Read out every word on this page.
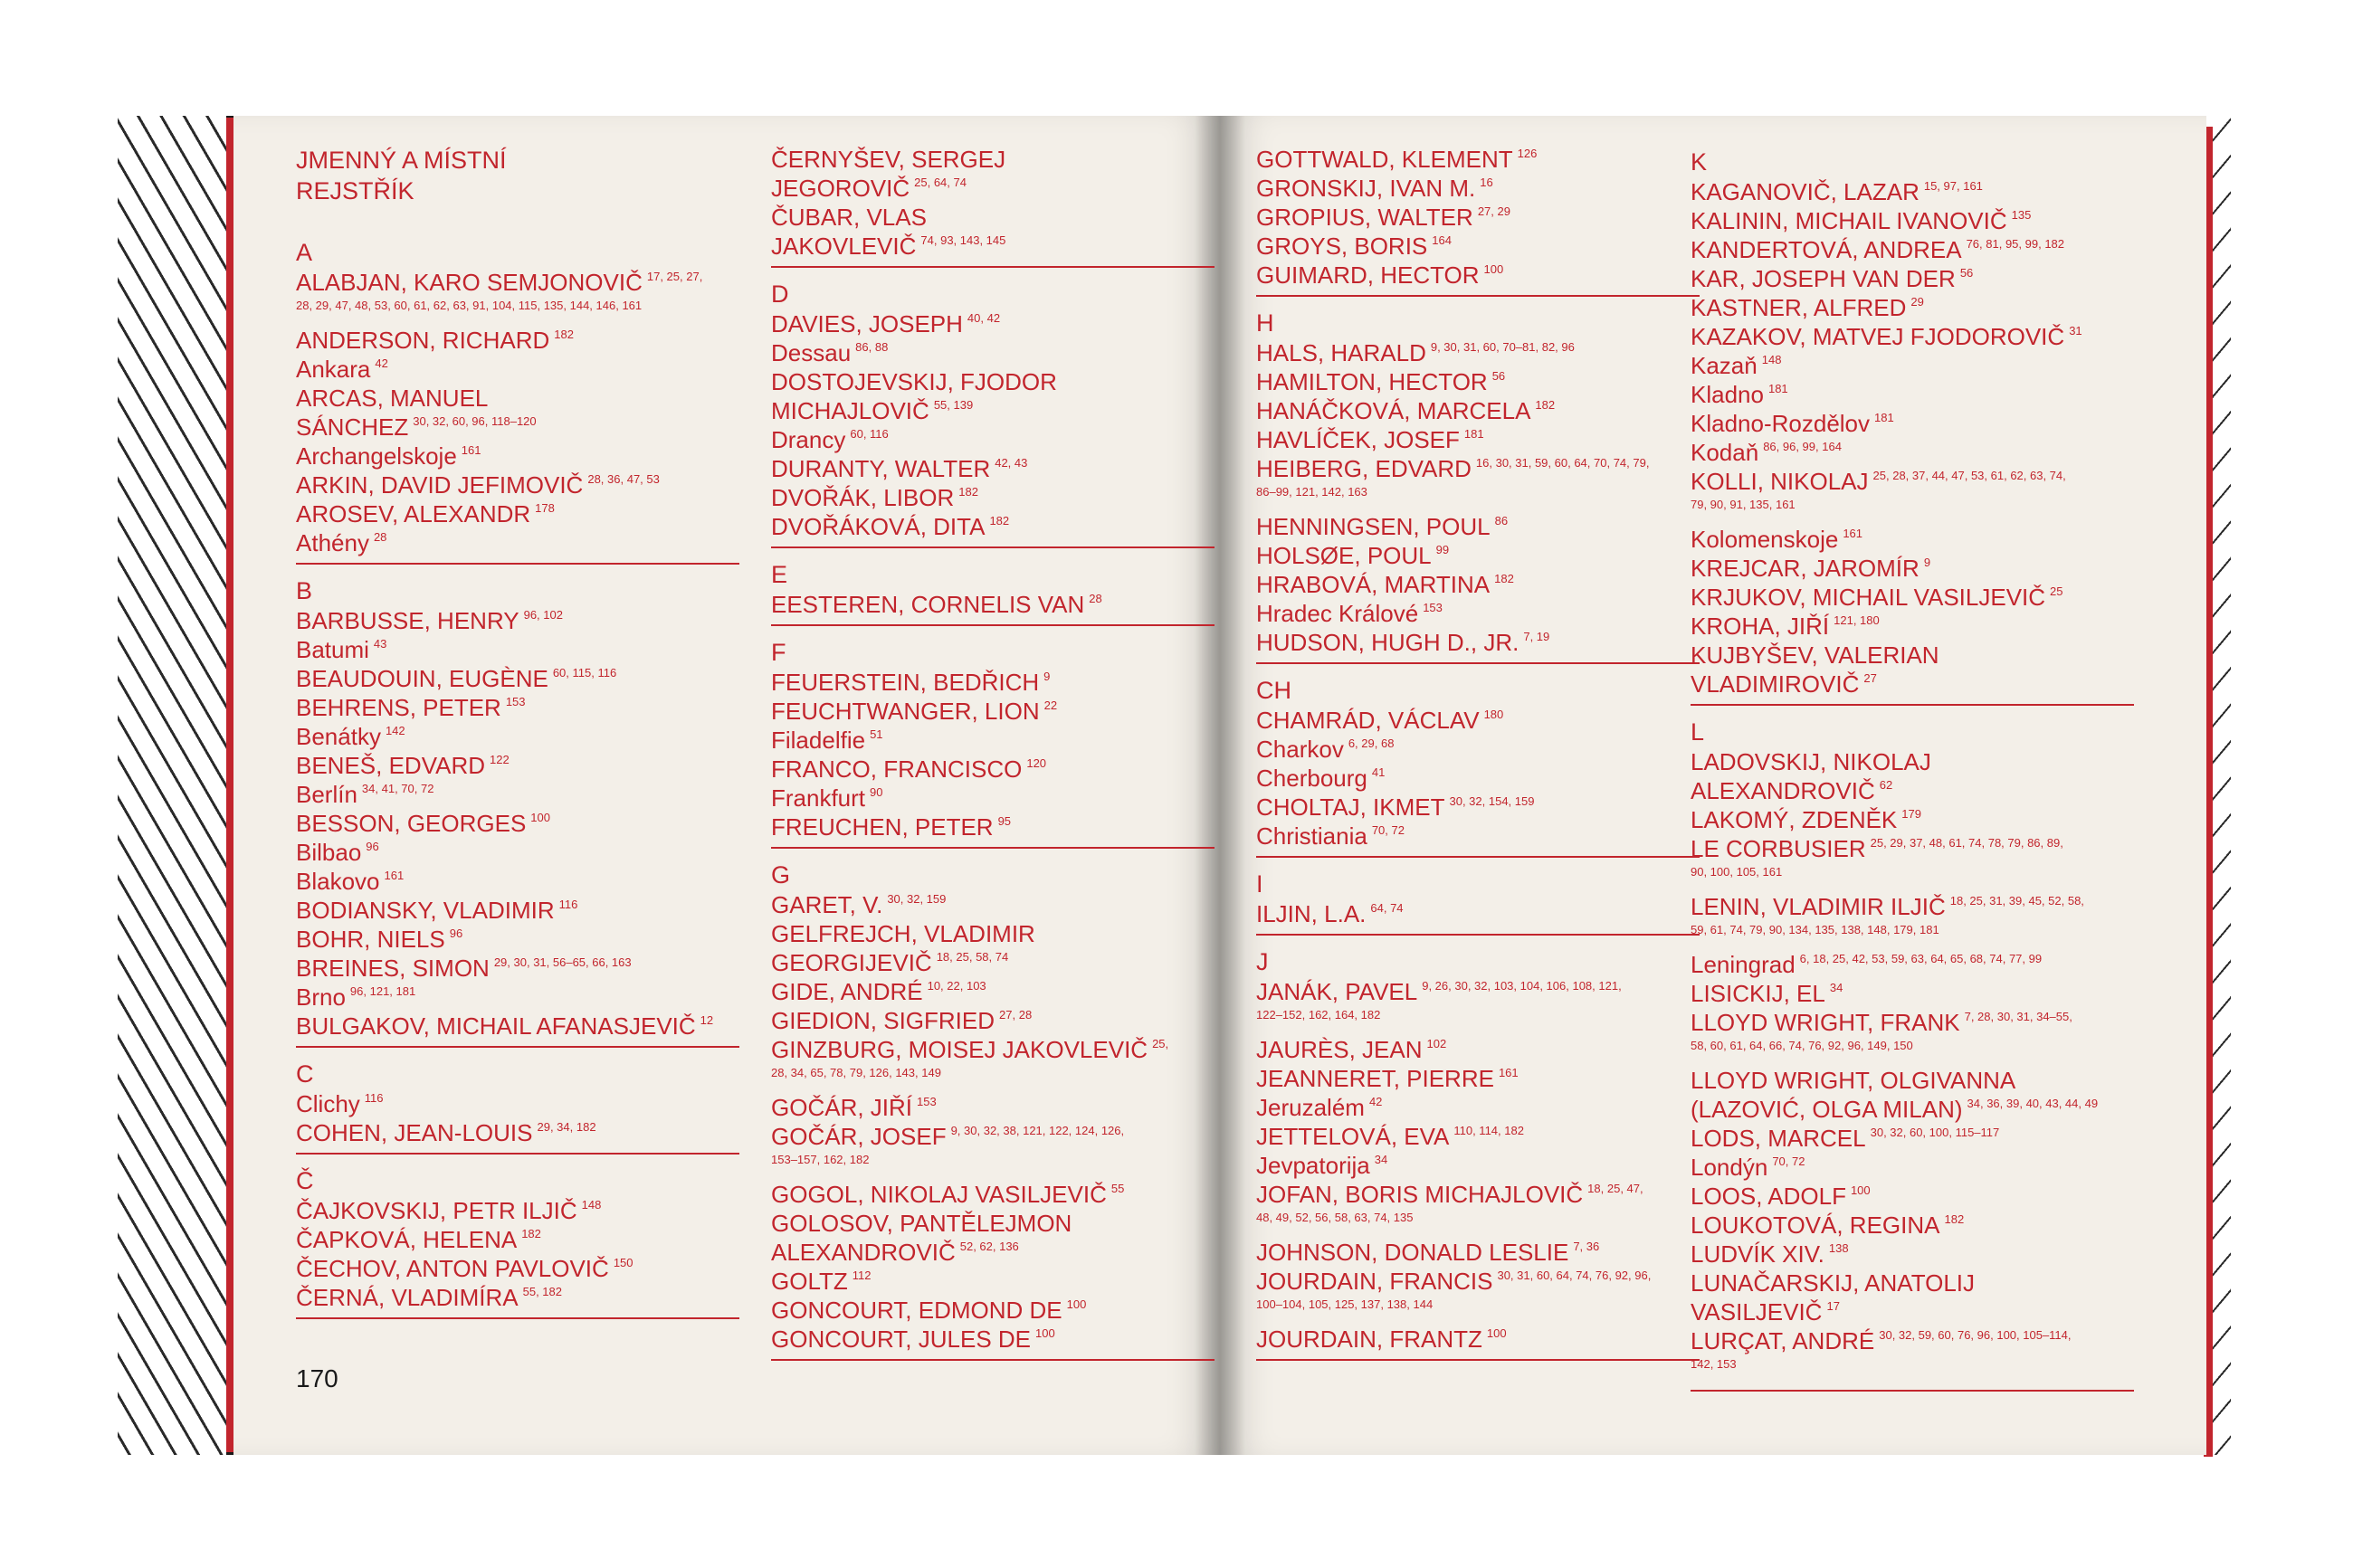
JMENNÝ A MÍSTNÍ
REJSTŘÍK
A
ALABJAN, KARO SEMJONOVIČ $^{17, 25, 27,}$
$^{28, 29, 47, 48, 53, 60, 61, 62, 63, 91, 104, 115, 135, 144, 146, 161}$
ANDERSON, RICHARD $^{182}$
Ankara $^{42}$
ARCAS, MANUEL
SÁNCHEZ $^{30, 32, 60, 96, 118-120}$
Archangelskoje $^{161}$
ARKIN, DAVID JEFIMOVIČ $^{28, 36, 47, 53}$
AROSEV, ALEXANDR $^{178}$
Athény $^{28}$
B
BARBUSSE, HENRY $^{96, 102}$
Batumi $^{43}$
BEAUDOUIN, EUGÈNE $^{60, 115, 116}$
BEHRENS, PETER $^{153}$
Benátky $^{142}$
BENEŠ, EDVARD $^{122}$
Berlín $^{34, 41, 70, 72}$
BESSON, GEORGES $^{100}$
Bilbao $^{96}$
Blakovo $^{161}$
BODIANSKY, VLADIMIR $^{116}$
BOHR, NIELS $^{96}$
BREINES, SIMON $^{29, 30, 31, 56-65, 66, 163}$
Brno $^{96, 121, 181}$
BULGAKOV, MICHAIL AFANASJEVIČ $^{12}$
C
Clichy $^{116}$
COHEN, JEAN-LOUIS $^{29, 34, 182}$
Č
ČAJKOVSKIJ, PETR ILJIČ $^{148}$
ČAPKOVÁ, HELENA $^{182}$
ČECHOV, ANTON PAVLOVIČ $^{150}$
ČERNÁ, VLADIMÍRA $^{55, 182}$
ČERNYŠEV, SERGEJ
JEGOROVIČ $^{25, 64, 74}$
ČUBAR, VLAS
JAKOVLEVIČ $^{74, 93, 143, 145}$
D
DAVIES, JOSEPH $^{40, 42}$
Dessau $^{86, 88}$
DOSTOJEVSKIJ, FJODOR
MICHAJLOVIČ $^{55, 139}$
Drancy $^{60, 116}$
DURANTY, WALTER $^{42, 43}$
DVOŘÁK, LIBOR $^{182}$
DVOŘÁKOVÁ, DITA $^{182}$
E
EESTEREN, CORNELIS VAN $^{28}$
F
FEUERSTEIN, BEDŘICH $^9$
FEUCHTWANGER, LION $^{22}$
Filadelfie $^{51}$
FRANCO, FRANCISCO $^{120}$
Frankfurt $^{90}$
FREUCHEN, PETER $^{95}$
G
GARET, V. $^{30, 32, 159}$
GELFREJCH, VLADIMIR
GEORGIJEVIČ $^{18, 25, 58, 74}$
GIDE, ANDRÉ $^{10, 22, 103}$
GIEDION, SIGFRIED $^{27, 28}$
GINZBURG, MOISEJ JAKOVLEVIČ $^{25,}$
$^{28, 34, 65, 78, 79, 126, 143, 149}$
GOČÁR, JIŘÍ $^{153}$
GOČÁR, JOSEF $^{9, 30, 32, 38, 121, 122, 124, 126,}$
$^{153-157, 162, 182}$
GOGOL, NIKOLAJ VASILJEVIČ $^{55}$
GOLOSOV, PANTĚLEJMON
ALEXANDROVIČ $^{52, 62, 136}$
GOLTZ $^{112}$
GONCOURT, EDMOND DE $^{100}$
GONCOURT, JULES DE $^{100}$
GOTTWALD, KLEMENT $^{126}$
GRONSKIJ, IVAN M. $^{16}$
GROPIUS, WALTER $^{27, 29}$
GROYS, BORIS $^{164}$
GUIMARD, HECTOR $^{100}$
H
HALS, HARALD $^{9, 30, 31, 60, 70-81, 82, 96}$
HAMILTON, HECTOR $^{56}$
HANÁČKOVÁ, MARCELA $^{182}$
HAVLÍČEK, JOSEF $^{181}$
HEIBERG, EDVARD $^{16, 30, 31, 59, 60, 64, 70, 74, 79,}$
$^{86-99, 121, 142, 163}$
HENNINGSEN, POUL $^{86}$
HOLSØE, POUL $^{99}$
HRABOVÁ, MARTINA $^{182}$
Hradec Králové $^{153}$
HUDSON, HUGH D., JR. $^{7, 19}$
CH
CHAMRÁD, VÁCLAV $^{180}$
Charkov $^{6, 29, 68}$
Cherbourg $^{41}$
CHOLTAJ, IKMET $^{30, 32, 154, 159}$
Christiania $^{70, 72}$
I
ILJIN, L.A. $^{64, 74}$
J
JANÁK, PAVEL $^{9, 26, 30, 32, 103, 104, 106, 108, 121,}$
$^{122-152, 162, 164, 182}$
JAURÈS, JEAN $^{102}$
JEANNERET, PIERRE $^{161}$
Jeruzalém $^{42}$
JETTELOVÁ, EVA $^{110, 114, 182}$
Jevpatorija $^{34}$
JOFAN, BORIS MICHAJLOVIČ $^{18, 25, 47,}$
$^{48, 49, 52, 56, 58, 63, 74, 135}$
JOHNSON, DONALD LESLIE $^{7, 36}$
JOURDAIN, FRANCIS $^{30, 31, 60, 64, 74, 76, 92, 96,}$
$^{100-104, 105, 125, 137, 138, 144}$
JOURDAIN, FRANTZ $^{100}$
K
KAGANOVIČ, LAZAR $^{15, 97, 161}$
KALININ, MICHAIL IVANOVIČ $^{135}$
KANDERTOVÁ, ANDREA $^{76, 81, 95, 99, 182}$
KAR, JOSEPH VAN DER $^{56}$
KASTNER, ALFRED $^{29}$
KAZAKOV, MATVEJ FJODOROVIČ $^{31}$
Kazaň $^{148}$
Kladno $^{181}$
Kladno-Rozdělov $^{181}$
Kodaň $^{86, 96, 99, 164}$
KOLLI, NIKOLAJ $^{25, 28, 37, 44, 47, 53, 61, 62, 63, 74,}$
$^{79, 90, 91, 135, 161}$
Kolomenskoje $^{161}$
KREJCAR, JAROMÍR $^9$
KRJUKOV, MICHAIL VASILJEVIČ $^{25}$
KROHA, JIŘÍ $^{121, 180}$
KUJBYŠEV, VALERIAN
VLADIMIROVIČ $^{27}$
L
LADOVSKIJ, NIKOLAJ
ALEXANDROVIČ $^{62}$
LAKOMÝ, ZDENĚK $^{179}$
LE CORBUSIER $^{25, 29, 37, 48, 61, 74, 78, 79, 86, 89,}$
$^{90, 100, 105, 161}$
LENIN, VLADIMIR ILJIČ $^{18, 25, 31, 39, 45, 52, 58,}$
$^{59, 61, 74, 79, 90, 134, 135, 138, 148, 179, 181}$
Leningrad $^{6, 18, 25, 42, 53, 59, 63, 64, 65, 68, 74, 77, 99}$
LISICKIJ, EL $^{34}$
LLOYD WRIGHT, FRANK $^{7, 28, 30, 31, 34-55,}$
$^{58, 60, 61, 64, 66, 74, 76, 92, 96, 149, 150}$
LLOYD WRIGHT, OLGIVANNA
(LAZOVIĆ, OLGA MILAN) $^{34, 36, 39, 40, 43, 44, 49}$
LODS, MARCEL $^{30, 32, 60, 100, 115-117}$
Londýn $^{70, 72}$
LOOS, ADOLF $^{100}$
LOUKOTOVÁ, REGINA $^{182}$
LUDVÍK XIV. $^{138}$
LUNAČARSKIJ, ANATOLIJ
VASILJEVIČ $^{17}$
LURÇAT, ANDRÉ $^{30, 32, 59, 60, 76, 96, 100, 105-114,}$
$^{142, 153}$
170
